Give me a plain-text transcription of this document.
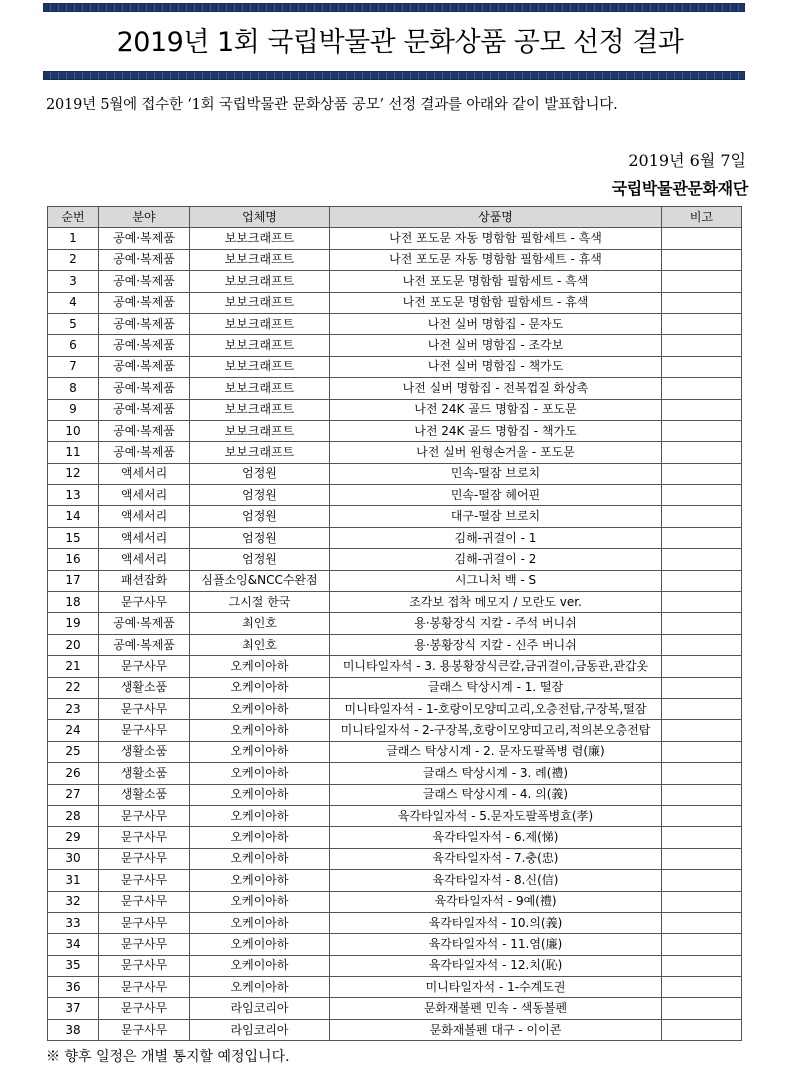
2019년 1회 국립박물관 문화상품 공모 선정 결과
2019년 5월에 접수한 ‘1회 국립박물관 문화상품 공모’ 선정 결과를 아래와 같이 발표합니다.
2019년 6월 7일
국립박물관문화재단
순번	분야	업체명	상품명	비고
1	공예·복제품	보보크래프트	나전 포도문 자동 명함함 필함세트 - 흑색	
2	공예·복제품	보보크래프트	나전 포도문 자동 명함함 필함세트 - 휴색	
3	공예·복제품	보보크래프트	나전 포도문 명함함 필함세트 - 흑색	
4	공예·복제품	보보크래프트	나전 포도문 명함함 필함세트 - 휴색	
5	공예·복제품	보보크래프트	나전 실버 명함집 - 문자도	
6	공예·복제품	보보크래프트	나전 실버 명함집 - 조각보	
7	공예·복제품	보보크래프트	나전 실버 명함집 - 책가도	
8	공예·복제품	보보크래프트	나전 실버 명함집 - 전복껍질 화상촉	
9	공예·복제품	보보크래프트	나전 24K 골드 명함집 - 포도문	
10	공예·복제품	보보크래프트	나전 24K 골드 명함집 - 책가도	
11	공예·복제품	보보크래프트	나전 실버 원형손거울 - 포도문	
12	액세서리	엄정원	민속-떨잠 브로치	
13	액세서리	엄정원	민속-떨잠 헤어핀	
14	액세서리	엄정원	대구-떨잠 브로치	
15	액세서리	엄정원	김해-귀걸이 - 1	
16	액세서리	엄정원	김해-귀걸이 - 2	
17	패션잡화	심플소잉&NCC수완점	시그니처 백 - S	
18	문구사무	그시절 한국	조각보 접착 메모지 / 모란도 ver.	
19	공예·복제품	최인호	용·봉황장식 지칼 - 주석 버니쉬	
20	공예·복제품	최인호	용·봉황장식 지칼 - 신주 버니쉬	
21	문구사무	오케이아하	미니타일자석 - 3. 용봉황장식큰칼,금귀걸이,금동관,관갑옷	
22	생활소품	오케이아하	글래스 탁상시계 - 1. 떨잠	
23	문구사무	오케이아하	미니타일자석 - 1-호랑이모양띠고리,오층전탑,구장복,떨잠	
24	문구사무	오케이아하	미니타일자석 - 2-구장복,호랑이모양띠고리,적의본오층전탑	
25	생활소품	오케이아하	글래스 탁상시계 - 2. 문자도팔폭병 렴(廉)	
26	생활소품	오케이아하	글래스 탁상시계 - 3. 례(禮)	
27	생활소품	오케이아하	글래스 탁상시계 - 4. 의(義)	
28	문구사무	오케이아하	육각타일자석 - 5.문자도팔폭병효(孝)	
29	문구사무	오케이아하	육각타일자석 - 6.제(悌)	
30	문구사무	오케이아하	육각타일자석 - 7.충(忠)	
31	문구사무	오케이아하	육각타일자석 - 8.신(信)	
32	문구사무	오케이아하	육각타일자석 - 9예(禮)	
33	문구사무	오케이아하	육각타일자석 - 10.의(義)	
34	문구사무	오케이아하	육각타일자석 - 11.염(廉)	
35	문구사무	오케이아하	육각타일자석 - 12.치(恥)	
36	문구사무	오케이아하	미니타일자석 - 1-수계도권	
37	문구사무	라임코리아	문화재볼펜 민속 - 색동볼펜	
38	문구사무	라임코리아	문화재볼펜 대구 - 이이콘	
※ 향후 일정은 개별 통지할 예정입니다.
